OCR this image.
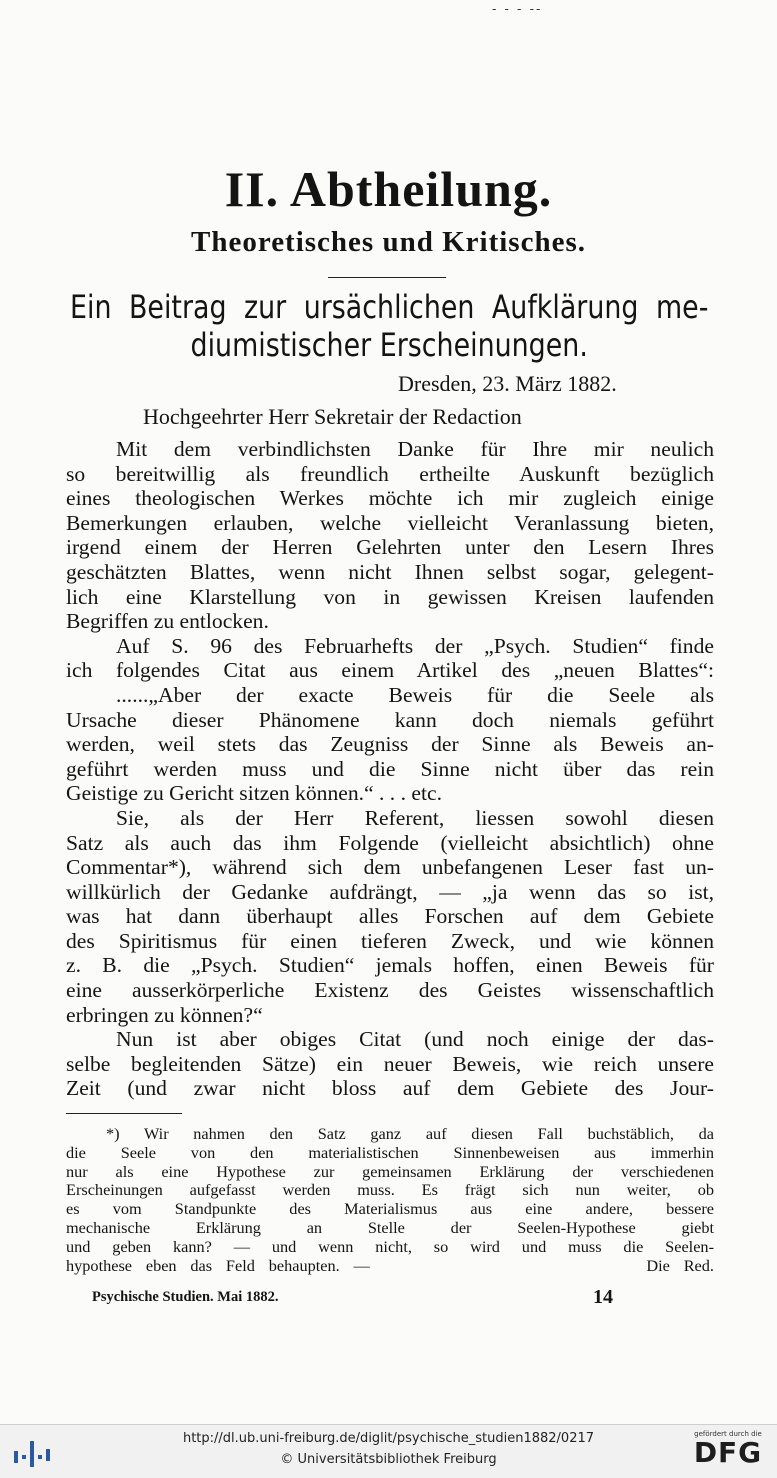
- - - --
II. Abtheilung.
Theoretisches und Kritisches.
Ein Beitrag zur ursächlichen Aufklärung me-
diumistischer Erscheinungen.
Dresden, 23. März 1882.
Hochgeehrter Herr Sekretair der Redaction
Mit dem verbindlichsten Danke für Ihre mir neulich
so bereitwillig als freundlich ertheilte Auskunft bezüglich
eines theologischen Werkes möchte ich mir zugleich einige
Bemerkungen erlauben, welche vielleicht Veranlassung bieten,
irgend einem der Herren Gelehrten unter den Lesern Ihres
geschätzten Blattes, wenn nicht Ihnen selbst sogar, gelegent-
lich eine Klarstellung von in gewissen Kreisen laufenden
Begriffen zu entlocken.
Auf S. 96 des Februarhefts der „Psych. Studien“ finde
ich folgendes Citat aus einem Artikel des „neuen Blattes“:
......„Aber der exacte Beweis für die Seele als
Ursache dieser Phänomene kann doch niemals geführt
werden, weil stets das Zeugniss der Sinne als Beweis an-
geführt werden muss und die Sinne nicht über das rein
Geistige zu Gericht sitzen können.“ . . . etc.
Sie, als der Herr Referent, liessen sowohl diesen
Satz als auch das ihm Folgende (vielleicht absichtlich) ohne
Commentar*), während sich dem unbefangenen Leser fast un-
willkürlich der Gedanke aufdrängt, — „ja wenn das so ist,
was hat dann überhaupt alles Forschen auf dem Gebiete
des Spiritismus für einen tieferen Zweck, und wie können
z. B. die „Psych. Studien“ jemals hoffen, einen Beweis für
eine ausserkörperliche Existenz des Geistes wissenschaftlich
erbringen zu können?“
Nun ist aber obiges Citat (und noch einige der das-
selbe begleitenden Sätze) ein neuer Beweis, wie reich unsere
Zeit (und zwar nicht bloss auf dem Gebiete des Jour-
*) Wir nahmen den Satz ganz auf diesen Fall buchstäblich, da
die Seele von den materialistischen Sinnenbeweisen aus immerhin
nur als eine Hypothese zur gemeinsamen Erklärung der verschiedenen
Erscheinungen aufgefasst werden muss. Es frägt sich nun weiter, ob
es vom Standpunkte des Materialismus aus eine andere, bessere
mechanische Erklärung an Stelle der Seelen-Hypothese giebt
und geben kann? — und wenn nicht, so wird und muss die Seelen-
hypothese eben das Feld behaupten. —                    Die Red.
Psychische Studien. Mai 1882.	14
http://dl.ub.uni-freiburg.de/diglit/psychische_studien1882/0217
© Universitätsbibliothek Freiburg
gefördert durch die
DFG
